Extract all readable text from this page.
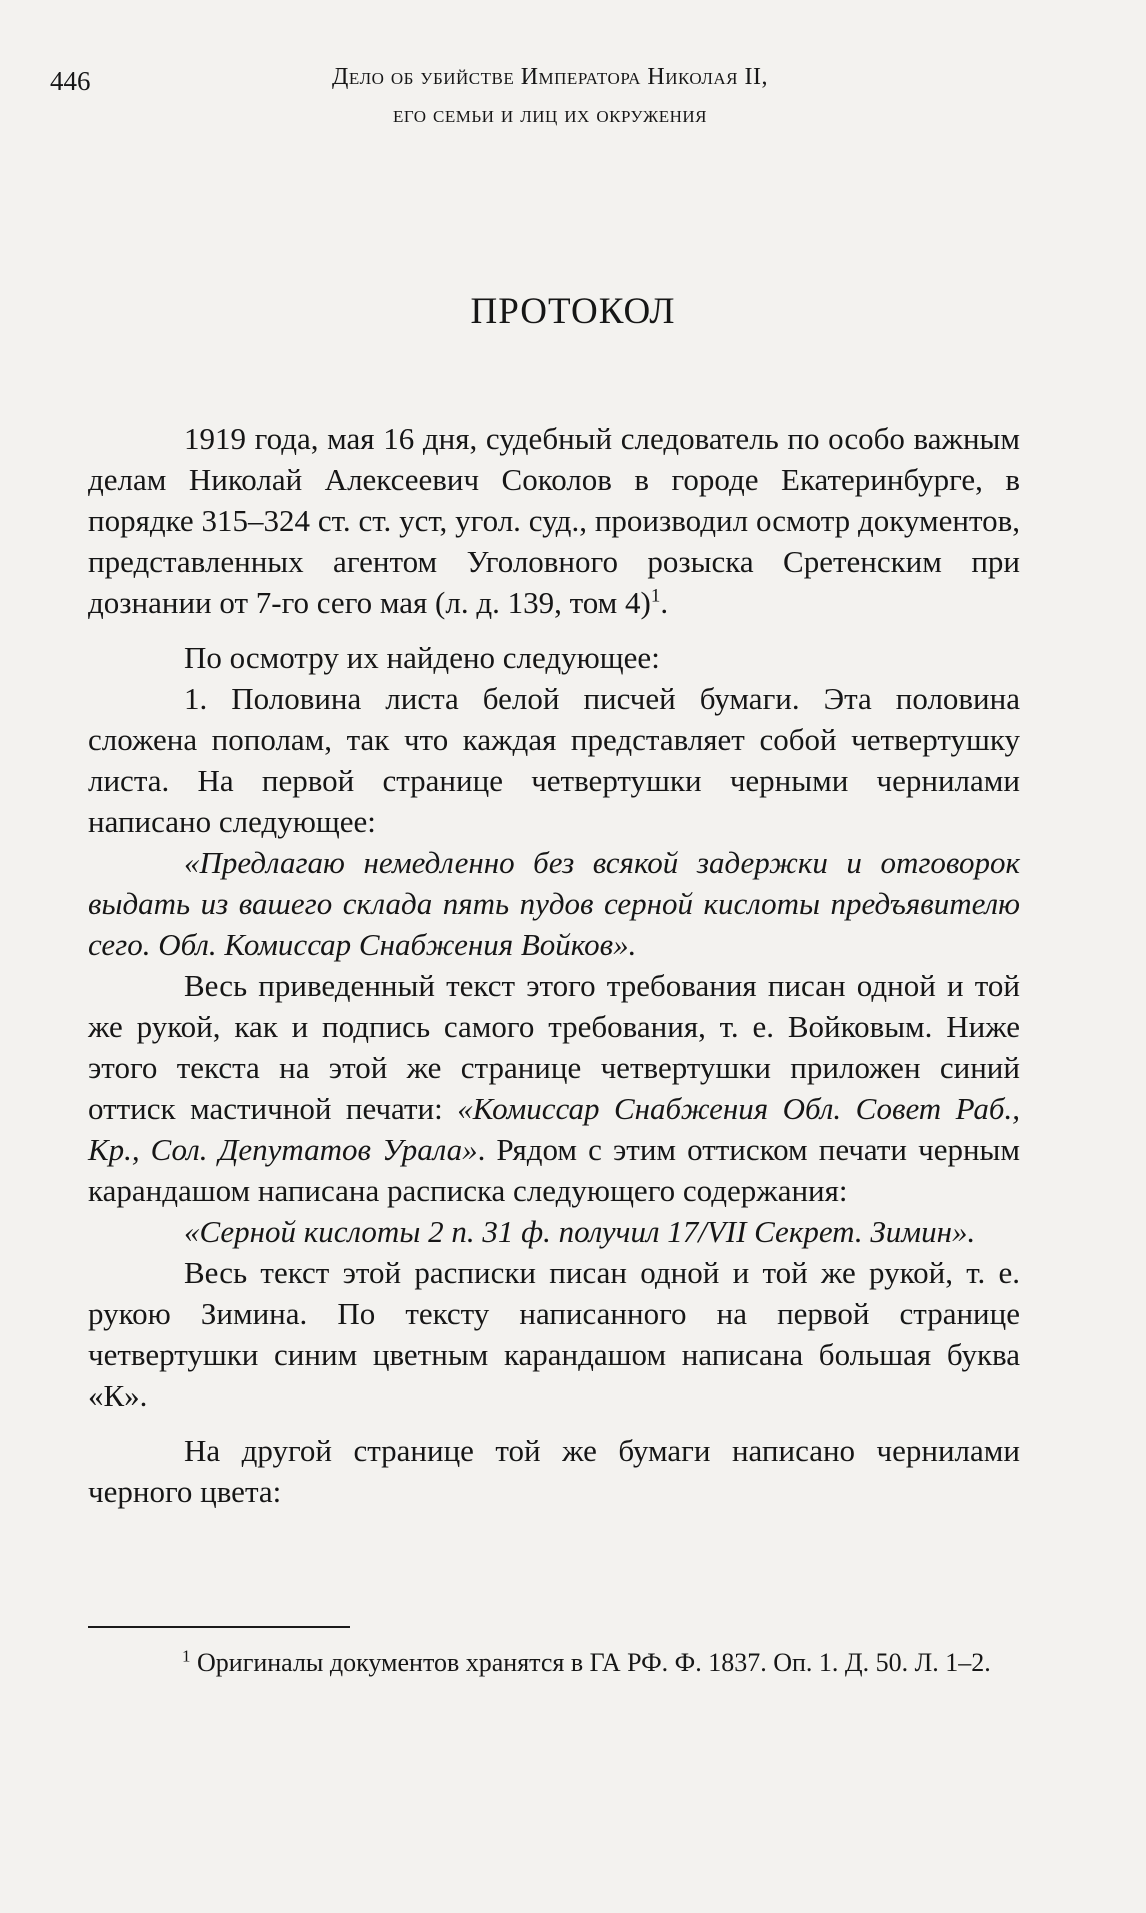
446	Дело об убийстве Императора Николая II,
его семьи и лиц их окружения
ПРОТОКОЛ

1919 года, мая 16 дня, судебный следователь по особо важным делам Николай Алексеевич Соколов в городе Екатеринбурге, в порядке 315–324 ст. ст. уст, угол. суд., производил осмотр документов, представленных агентом Уголовного розыска Сретенским при дознании от 7-го сего мая (л. д. 139, том 4)$^1$.

По осмотру их найдено следующее:

1. Половина листа белой писчей бумаги. Эта половина сложена пополам, так что каждая представляет собой четвертушку листа. На первой странице четвертушки черными чернилами написано следующее:

«Предлагаю немедленно без всякой задержки и отговорок выдать из вашего склада пять пудов серной кислоты предъявителю сего. Обл. Комиссар Снабжения Войков».

Весь приведенный текст этого требования писан одной и той же рукой, как и подпись самого требования, т. е. Войковым. Ниже этого текста на этой же странице четвертушки приложен синий оттиск мастичной печати: «Комиссар Снабжения Обл. Совет Раб., Кр., Сол. Депутатов Урала». Рядом с этим оттиском печати черным карандашом написана расписка следующего содержания:

«Серной кислоты 2 п. 31 ф. получил 17/VII Секрет. Зимин».

Весь текст этой расписки писан одной и той же рукой, т. е. рукою Зимина. По тексту написанного на первой странице четвертушки синим цветным карандашом написана большая буква «К».

На другой странице той же бумаги написано чернилами черного цвета:

$^1$ Оригиналы документов хранятся в ГА РФ. Ф. 1837. Оп. 1. Д. 50. Л. 1–2.
